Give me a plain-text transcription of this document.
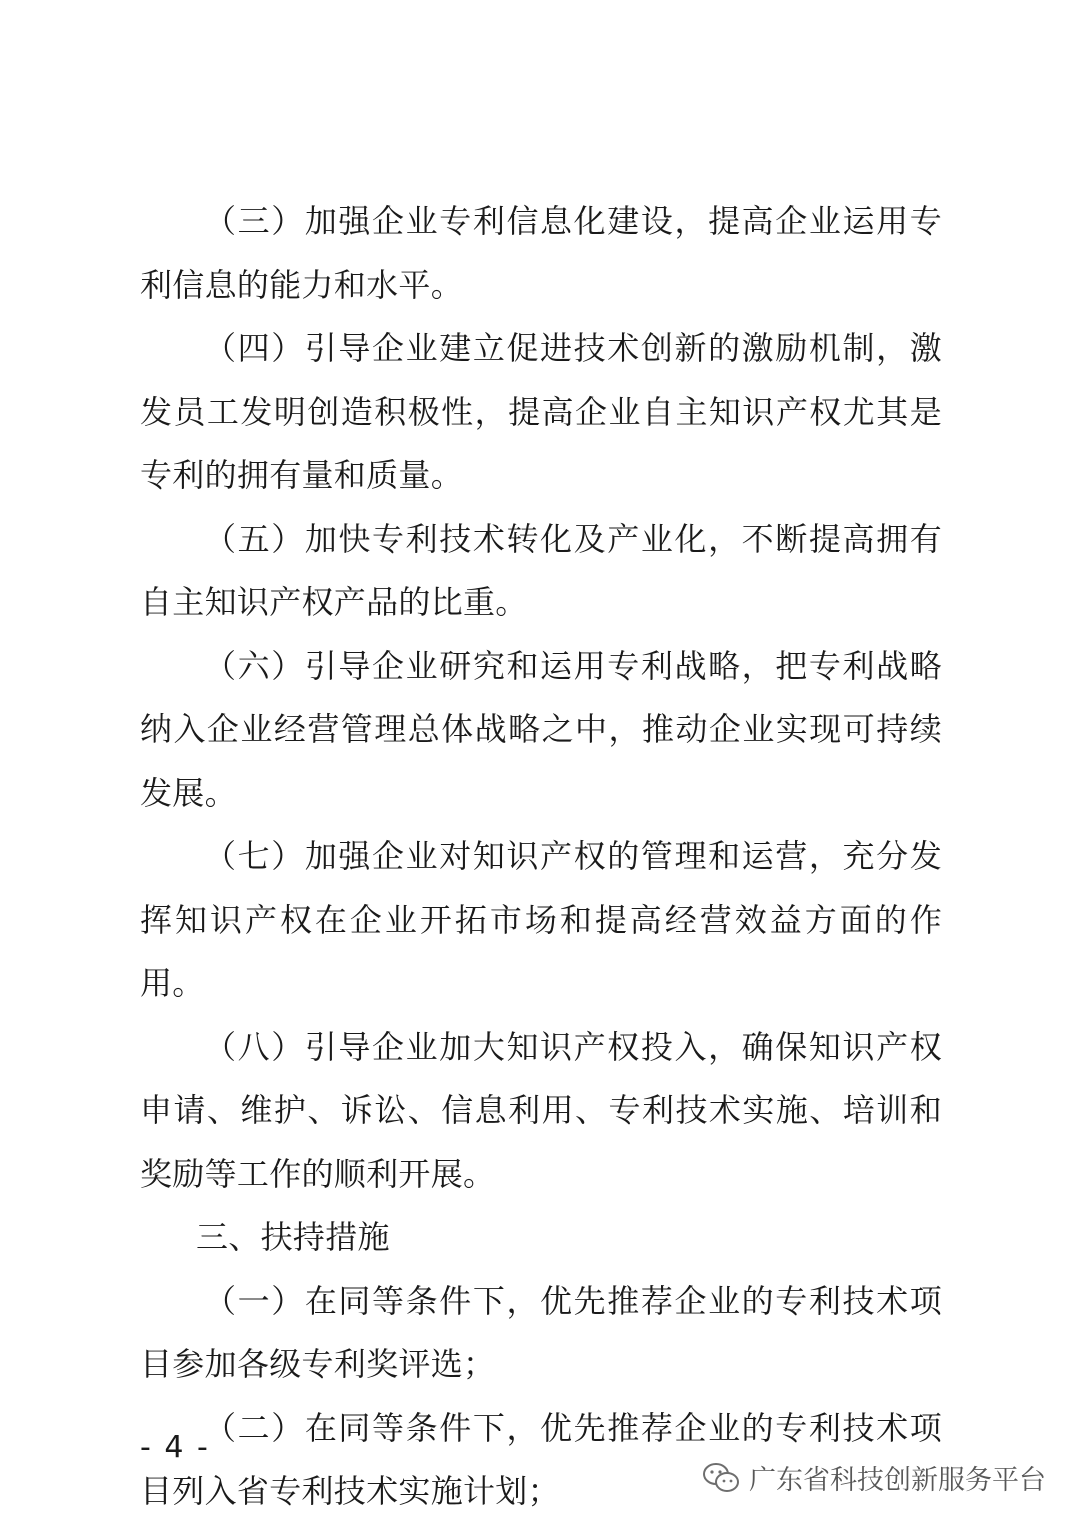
（三）加强企业专利信息化建设，提高企业运用专利信息的能力和水平。

（四）引导企业建立促进技术创新的激励机制，激发员工发明创造积极性，提高企业自主知识产权尤其是专利的拥有量和质量。

（五）加快专利技术转化及产业化，不断提高拥有自主知识产权产品的比重。

（六）引导企业研究和运用专利战略，把专利战略纳入企业经营管理总体战略之中，推动企业实现可持续发展。

（七）加强企业对知识产权的管理和运营，充分发挥知识产权在企业开拓市场和提高经营效益方面的作用。

（八）引导企业加大知识产权投入，确保知识产权申请、维护、诉讼、信息利用、专利技术实施、培训和奖励等工作的顺利开展。

三、扶持措施

（一）在同等条件下，优先推荐企业的专利技术项目参加各级专利奖评选；

（二）在同等条件下，优先推荐企业的专利技术项目列入省专利技术实施计划；

- 4 -
广东省科技创新服务平台
